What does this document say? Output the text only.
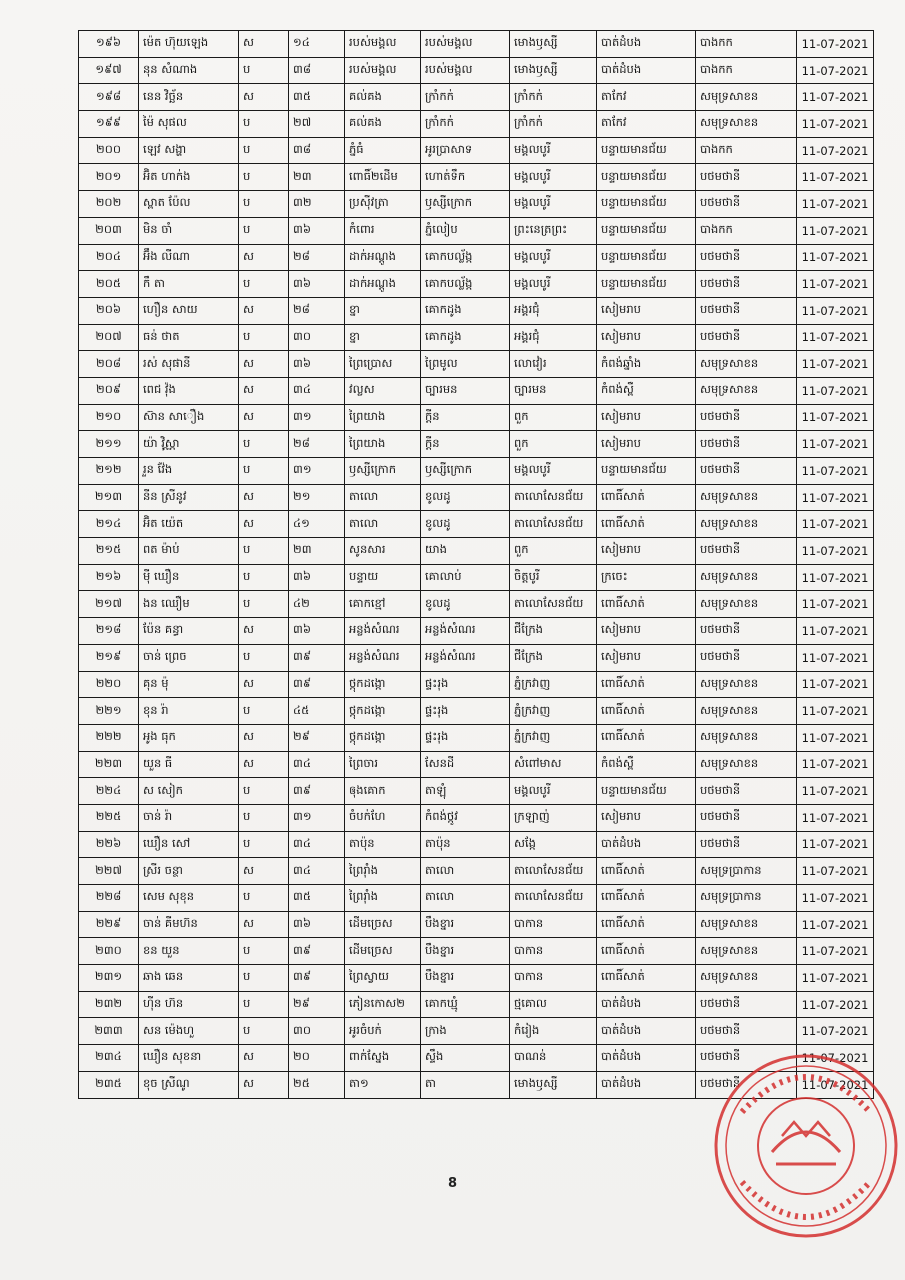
១៩៦	ម៉េត ហ៊ុយឡេង	ស	១៤	របស់មង្គល	របស់មង្គល	មោងឫស្សី	បាត់ដំបង	បាងកក	11-07-2021
១៩៧	នុន សំណាង	ប	៣៨	របស់មង្គល	របស់មង្គល	មោងឫស្សី	បាត់ដំបង	បាងកក	11-07-2021
១៩៨	នេន វិច្ឆ័ន	ស	៣៥	គល់គង	ក្រាំកក់	ក្រាំកក់	តាកែវ	សមុទ្រសាខន	11-07-2021
១៩៩	ម៉ៃ សុផល	ប	២៧	គល់គង	ក្រាំកក់	ក្រាំកក់	តាកែវ	សមុទ្រសាខន	11-07-2021
២០០	ឡេវ សង្ហា	ប	៣៨	ភ្នំធំ	អូរប្រាសាទ	មង្គលបូរី	បន្ទាយមានជ័យ	បាងកក	11-07-2021
២០១	អ៊ិត ហាក់ង	ប	២៣	ពោធិ៍២ដើម	ហោត់ទឹក	មង្គលបូរី	បន្ទាយមានជ័យ	បថមថានី	11-07-2021
២០២	ស្ពាត ប៉ែល	ប	៣២	ប្រសុីវត្រា	ឫស្សីក្រោក	មង្គលបូរី	បន្ទាយមានជ័យ	បថមថានី	11-07-2021
២០៣	មិន ចាំ	ប	៣៦	កំពោរ	ភ្នំលៀប	ព្រះនេត្រព្រះ	បន្ទាយមានជ័យ	បាងកក	11-07-2021
២០៤	អ៊ឹង លីណា	ស	២៨	ដាក់អណ្តូង	គោកបល្ល័ង្ក	មង្គលបូរី	បន្ទាយមានជ័យ	បថមថានី	11-07-2021
២០៥	កឹ តា	ប	៣៦	ដាក់អណ្តូង	គោកបល្ល័ង្ក	មង្គលបូរី	បន្ទាយមានជ័យ	បថមថានី	11-07-2021
២០៦	ហឿន សាយ	ស	២៨	ខ្នា	គោកដូង	អង្គរជុំ	សៀមរាប	បថមថានី	11-07-2021
២០៧	ធន់ ថាត	ប	៣០	ខ្នា	គោកដូង	អង្គរជុំ	សៀមរាប	បថមថានី	11-07-2021
២០៨	រស់ សុផានី	ស	៣៦	ព្រៃប្រោស	ព្រៃមូល	លោវៀរ	កំពង់ឆ្នាំង	សមុទ្រសាខន	11-07-2021
២០៩	ពេជ វ៉ុង	ស	៣៤	វល្លស	ច្បារមន	ច្បារមន	កំពង់ស្ពឺ	សមុទ្រសាខន	11-07-2021
២១០	ស៊ាន សាឿង	ស	៣១	ព្រៃយាង	ក្តីន	ពួក	សៀមរាប	បថមថានី	11-07-2021
២១១	យ៉ា វ៉ិស្ណា	ប	២៨	ព្រៃយាង	ក្តីន	ពួក	សៀមរាប	បថមថានី	11-07-2021
២១២	រួន វ៉ែង	ប	៣១	ឫស្សីក្រោក	ឫស្សីក្រោក	មង្គលបូរី	បន្ទាយមានជ័យ	បថមថានី	11-07-2021
២១៣	នីន ស្រីនូវ	ស	២១	តាលោ	ខូលដូ	តាលោសែនជ័យ	ពោធិ៍សាត់	សមុទ្រសាខន	11-07-2021
២១៤	អ៊ិត យ៉េត	ស	៤១	តាលោ	ខូលដូ	តាលោសែនជ័យ	ពោធិ៍សាត់	សមុទ្រសាខន	11-07-2021
២១៥	ពត ម៉ាប់	ប	២៣	សូនសារ	យាង	ពួក	សៀមរាប	បថមថានី	11-07-2021
២១៦	ម៉ី ឃឿន	ប	៣៦	បន្ទាយ	គោលាប់	ចិត្តបូរី	ក្រចេះ	សមុទ្រសាខន	11-07-2021
២១៧	ងន ឈឿម	ប	៤២	គោកខ្មៅ	ខូលដូ	តាលោសែនជ័យ	ពោធិ៍សាត់	សមុទ្រសាខន	11-07-2021
២១៨	ប៉ែន គន្ធា	ស	៣៦	អន្លង់សំណរ	អន្លង់សំណរ	ជីក្រែង	សៀមរាប	បថមថានី	11-07-2021
២១៩	ចាន់ ព្រេច	ប	៣៩	អន្លង់សំណរ	អន្លង់សំណរ	ជីក្រែង	សៀមរាប	បថមថានី	11-07-2021
២២០	គុន ម៉ុ	ស	៣៩	ថ្កុកដង្កោ	ផ្ទះរុង	ភ្នំក្រវាញ	ពោធិ៍សាត់	សមុទ្រសាខន	11-07-2021
២២១	ខុន រ៉ា	ប	៤៥	ថ្កុកដង្កោ	ផ្ទះរុង	ភ្នំក្រវាញ	ពោធិ៍សាត់	សមុទ្រសាខន	11-07-2021
២២២	អូង ធុក	ស	២៩	ថ្កុកដង្កោ	ផ្ទះរុង	ភ្នំក្រវាញ	ពោធិ៍សាត់	សមុទ្រសាខន	11-07-2021
២២៣	យួន ធី	ស	៣៤	ព្រៃចារ	សែនដី	សំពៅមាស	កំពង់ស្ពឺ	សមុទ្រសាខន	11-07-2021
២២៤	ស សៀក	ប	៣៩	ឲុងគោក	តាឡុំ	មង្គលបូរី	បន្ទាយមានជ័យ	បថមថានី	11-07-2021
២២៥	ចាន់ រ៉ា	ប	៣១	ចំបក់ហែ	កំពង់ថ្កូវ	ក្រឡាញ់	សៀមរាប	បថមថានី	11-07-2021
២២៦	ឃឿន សៅ	ប	៣៤	តាប៉ុន	តាប៉ុន	សង្កែ	បាត់ដំបង	បថមថានី	11-07-2021
២២៧	ស្រីរ ចន្ថា	ស	៣៤	ព្រៃរ៉ាំង	តាលោ	តាលោសែនជ័យ	ពោធិ៍សាត់	សមុទ្រប្រាកាន	11-07-2021
២២៨	សេម សុខុន	ប	៣៥	ព្រៃរ៉ាំង	តាលោ	តាលោសែនជ័យ	ពោធិ៍សាត់	សមុទ្រប្រាកាន	11-07-2021
២២៩	ចាន់ គីមហ៊ន	ស	៣៦	ដើមច្រេស	បឹងខ្នារ	បាកាន	ពោធិ៍សាត់	សមុទ្រសាខន	11-07-2021
២៣០	ខន យួន	ប	៣៩	ដើមច្រេស	បឹងខ្នារ	បាកាន	ពោធិ៍សាត់	សមុទ្រសាខន	11-07-2021
២៣១	ឆាង ឆេន	ប	៣៩	ព្រៃស្វាយ	បឹងខ្នារ	បាកាន	ពោធិ៍សាត់	សមុទ្រសាខន	11-07-2021
២៣២	ហ៊ីន ហ៊ន	ប	២៩	ភៀនកោស២	គោកឃ្មុំ	ថ្មគោល	បាត់ដំបង	បថមថានី	11-07-2021
២៣៣	សន ម៉េងហួ	ប	៣០	អូរចំបក់	ក្រាង	កំរៀង	បាត់ដំបង	បថមថានី	11-07-2021
២៣៤	ឃឿន សុខនា	ស	២០	ពាក់ស្នែង	ស្ទឹង	បាណន់	បាត់ដំបង	បថមថានី	11-07-2021
២៣៥	ខុច ស្រីណូ	ស	២៥	តា១	តា	មោងឫស្សី	បាត់ដំបង	បថមថានី	11-07-2021
8
